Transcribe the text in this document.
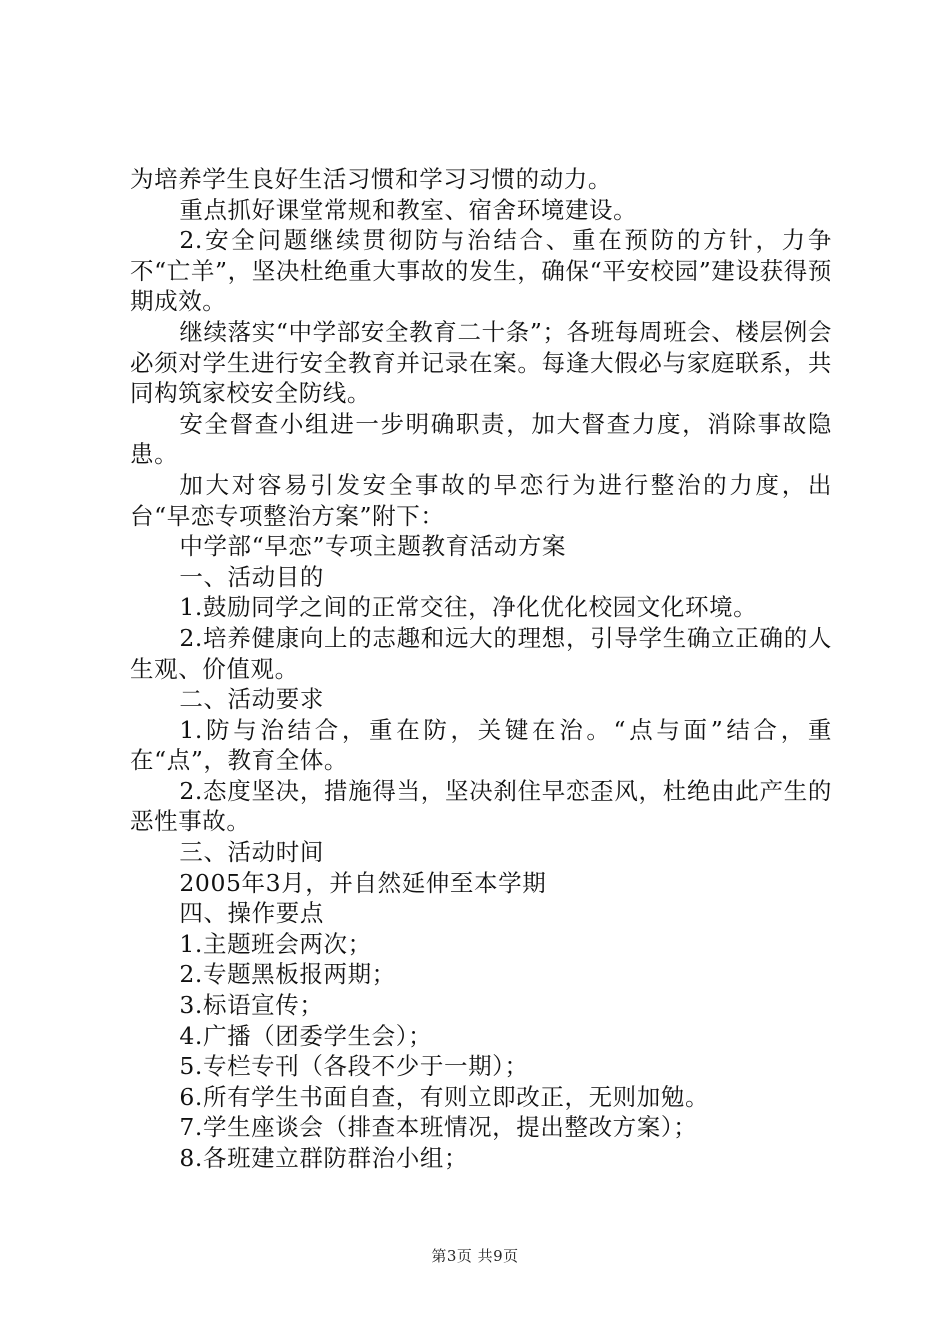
为培养学生良好生活习惯和学习习惯的动力。

重点抓好课堂常规和教室、宿舍环境建设。

2.安全问题继续贯彻防与治结合、重在预防的方针，力争不“亡羊”，坚决杜绝重大事故的发生，确保“平安校园”建设获得预期成效。

继续落实“中学部安全教育二十条”；各班每周班会、楼层例会必须对学生进行安全教育并记录在案。每逢大假必与家庭联系，共同构筑家校安全防线。

安全督查小组进一步明确职责，加大督查力度，消除事故隐患。

加大对容易引发安全事故的早恋行为进行整治的力度，出台“早恋专项整治方案”附下：

中学部“早恋”专项主题教育活动方案

一、活动目的

1.鼓励同学之间的正常交往，净化优化校园文化环境。

2.培养健康向上的志趣和远大的理想，引导学生确立正确的人生观、价值观。

二、活动要求

1.防与治结合，重在防，关键在治。“点与面”结合，重在“点”，教育全体。

2.态度坚决，措施得当，坚决刹住早恋歪风，杜绝由此产生的恶性事故。

三、活动时间

2005年3月，并自然延伸至本学期

四、操作要点

1.主题班会两次；

2.专题黑板报两期；

3.标语宣传；

4.广播（团委学生会）；

5.专栏专刊（各段不少于一期）；

6.所有学生书面自查，有则立即改正，无则加勉。

7.学生座谈会（排查本班情况，提出整改方案）；

8.各班建立群防群治小组；

第3页 共9页
